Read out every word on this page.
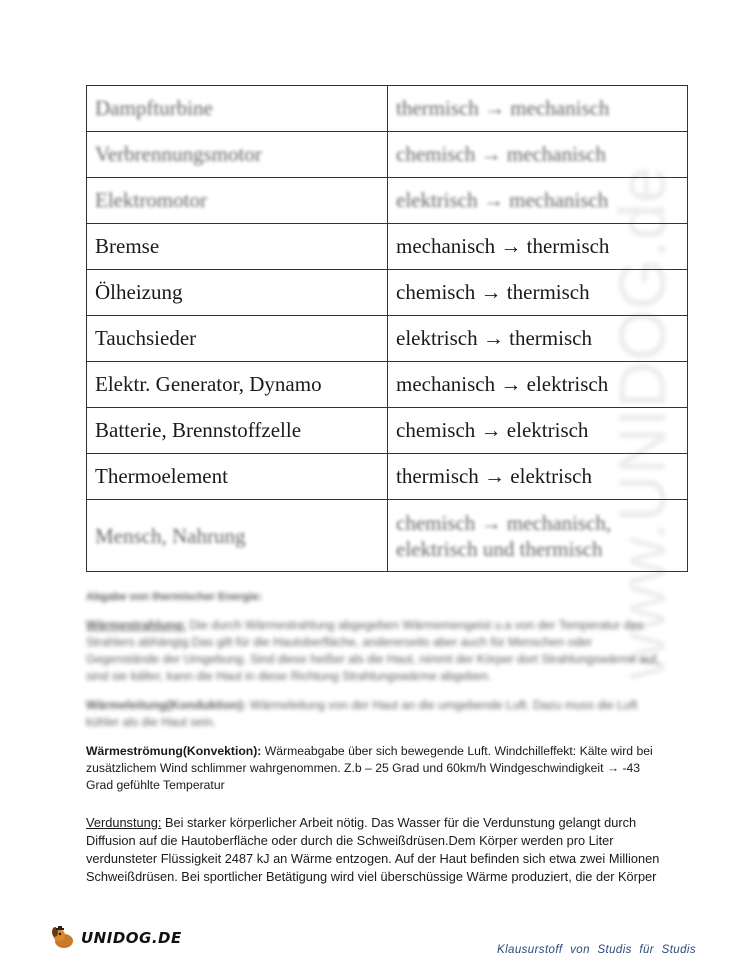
www.UNIDOG.de
Dampfturbine	thermisch → mechanisch
Verbrennungsmotor	chemisch → mechanisch
Elektromotor	elektrisch → mechanisch
Bremse	mechanisch → thermisch
Ölheizung	chemisch → thermisch
Tauchsieder	elektrisch → thermisch
Elektr. Generator, Dynamo	mechanisch → elektrisch
Batterie, Brennstoffzelle	chemisch → elektrisch
Thermoelement	thermisch → elektrisch
Mensch, Nahrung	chemisch → mechanisch,
elektrisch und thermisch
Abgabe von thermischer Energie:

Wärmestrahlung: Die durch Wärmestrahlung abgegeben Wärmemengeist u.a von der Temperatur des Strahlers abhängig.Das gilt für die Hautoberfläche, andererseits aber auch für Menschen oder Gegenstände der Umgebung. Sind diese heißer als die Haut, nimmt der Körper dort Strahlungswärme auf, sind sie kälter, kann die Haut in diese Richtung Strahlungswärme abgeben.

Wärmeleitung(Konduktion): Wärmeleitung von der Haut an die umgebende Luft. Dazu muss die Luft kühler als die Haut sein.

Wärmeströmung(Konvektion): Wärmeabgabe über sich bewegende Luft. Windchilleffekt: Kälte wird bei zusätzlichem Wind schlimmer wahrgenommen. Z.b – 25 Grad und 60km/h Windgeschwindigkeit → -43 Grad gefühlte Temperatur

Verdunstung: Bei starker körperlicher Arbeit nötig. Das Wasser für die Verdunstung gelangt durch Diffusion auf die Hautoberfläche oder durch die Schweißdrüsen.Dem Körper werden pro Liter verdunsteter Flüssigkeit 2487 kJ an Wärme entzogen. Auf der Haut befinden sich etwa zwei Millionen Schweißdrüsen. Bei sportlicher Betätigung wird viel überschüssige Wärme produziert, die der Körper

UNIDOG.DE
Klausurstoff von Studis für Studis
